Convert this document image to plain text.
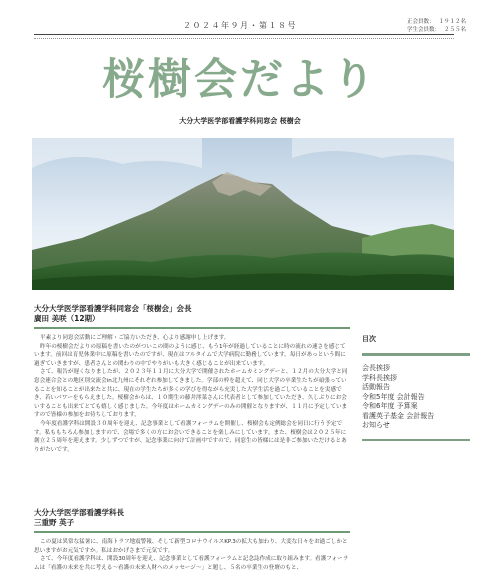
２０２４年９月・第１８号	正会員数： １９１２名
学生会員数： ２５５名
桜樹会だより
大分大学医学部看護学科同窓会 桜樹会
大分大学医学部看護学科同窓会「桜樹会」会長
廣田 美咲（12期）

平素より同窓会活動にご理解・ご協力いただき、心より感謝申し上げます。

昨年の桜樹会だよりの原稿を書いたのがついこの間のように感じ、もう1年が経過していることに時の流れの速さを感じています。前回は育児休業中に原稿を書いたのですが、現在はフルタイムで大学病院に勤務しています。毎日があっという間に過ぎていきますが、患者さんとの関わりの中でやりがいも大きく感じることが出来ています。

さて、報告が遅くなりましたが、２０２３年１１月に大分大学で開催されたホームカミングデーと、１２月の大分大学と同窓会連合会との地区別交流会in北九州にそれぞれ参加してきました。学部の枠を超えて、同じ大学の卒業生たちが頑張っていることを知ることが出来たと共に、現在の学生たちが多くの学びを得ながら充実した大学生活を過ごしていることを実感でき、若いパワーをもらえました。桜樹会からは、１０期生の藤井澪菜さんに代表者として参加していただき、久しぶりにお会いすることも出来てとても嬉しく感じました。今年度はホームカミングデーのみの開催となりますが、１１月に予定していますので皆様の参加をお待ちしております。

今年度看護学科は開設３０周年を迎え、記念事業として看護フォーラムを開催し、桜樹会も定例総会を同日に行う予定です。私ももちろん参加しますので、会場で多くの方にお会いできることを楽しみにしています。また、桜樹会は２０２５年に創立２５周年を迎えます。少しずつですが、記念事業に向けて計画中ですので、同窓生の皆様には是非ご参加いただけるとありがたいです。

大分大学医学部看護学科長
三重野 英子

この夏は異常な猛暑に、南海トラフ地震警報、そして新型コロナウイルスKP.3の拡大も加わり、大変な日々をお過ごしかと思いますがお元気ですか。私はおかげさまで元気です。

さて、今年度看護学科は、開設30周年を迎え、記念事業として看護フォーラムと記念誌作成に取り組みます。看護フォーラムは「看護の未来を共に考える～看護の未来人財へのメッセージ～」と題し、５名の卒業生の登壇のもと、

目次
会長挨拶
学科長挨拶
活動報告
令和5年度 会計報告
令和6年度 予算案
看護英子基金 会計報告
お知らせ
